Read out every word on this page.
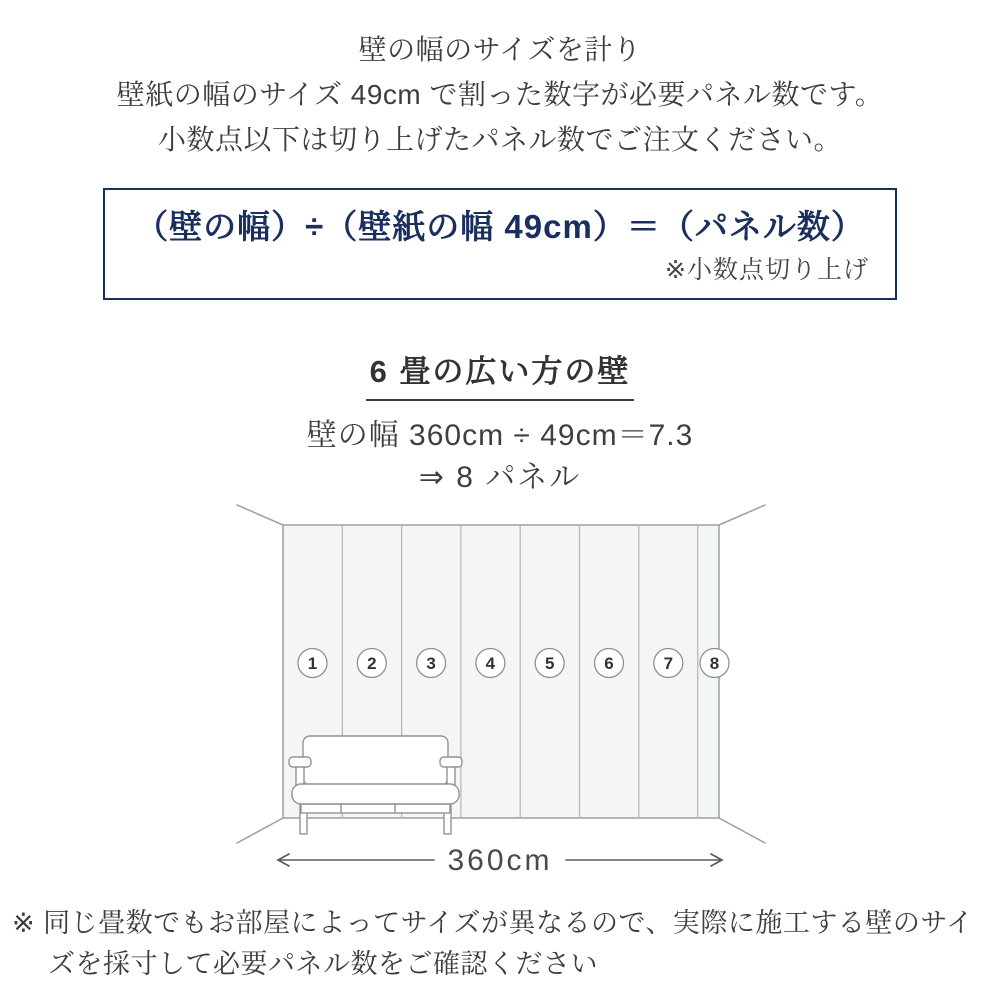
壁の幅のサイズを計り
壁紙の幅のサイズ 49cm で割った数字が必要パネル数です。
小数点以下は切り上げたパネル数でご注文ください。
（壁の幅）÷（壁紙の幅 49cm）＝（パネル数）
※小数点切り上げ
6 畳の広い方の壁
壁の幅 360cm ÷ 49cm＝7.3
⇒ 8 パネル
1	2	3	4	5	6	7 8
360cm
※ 同じ畳数でもお部屋によってサイズが異なるので、実際に施工する壁のサイズを採寸して必要パネル数をご確認ください
